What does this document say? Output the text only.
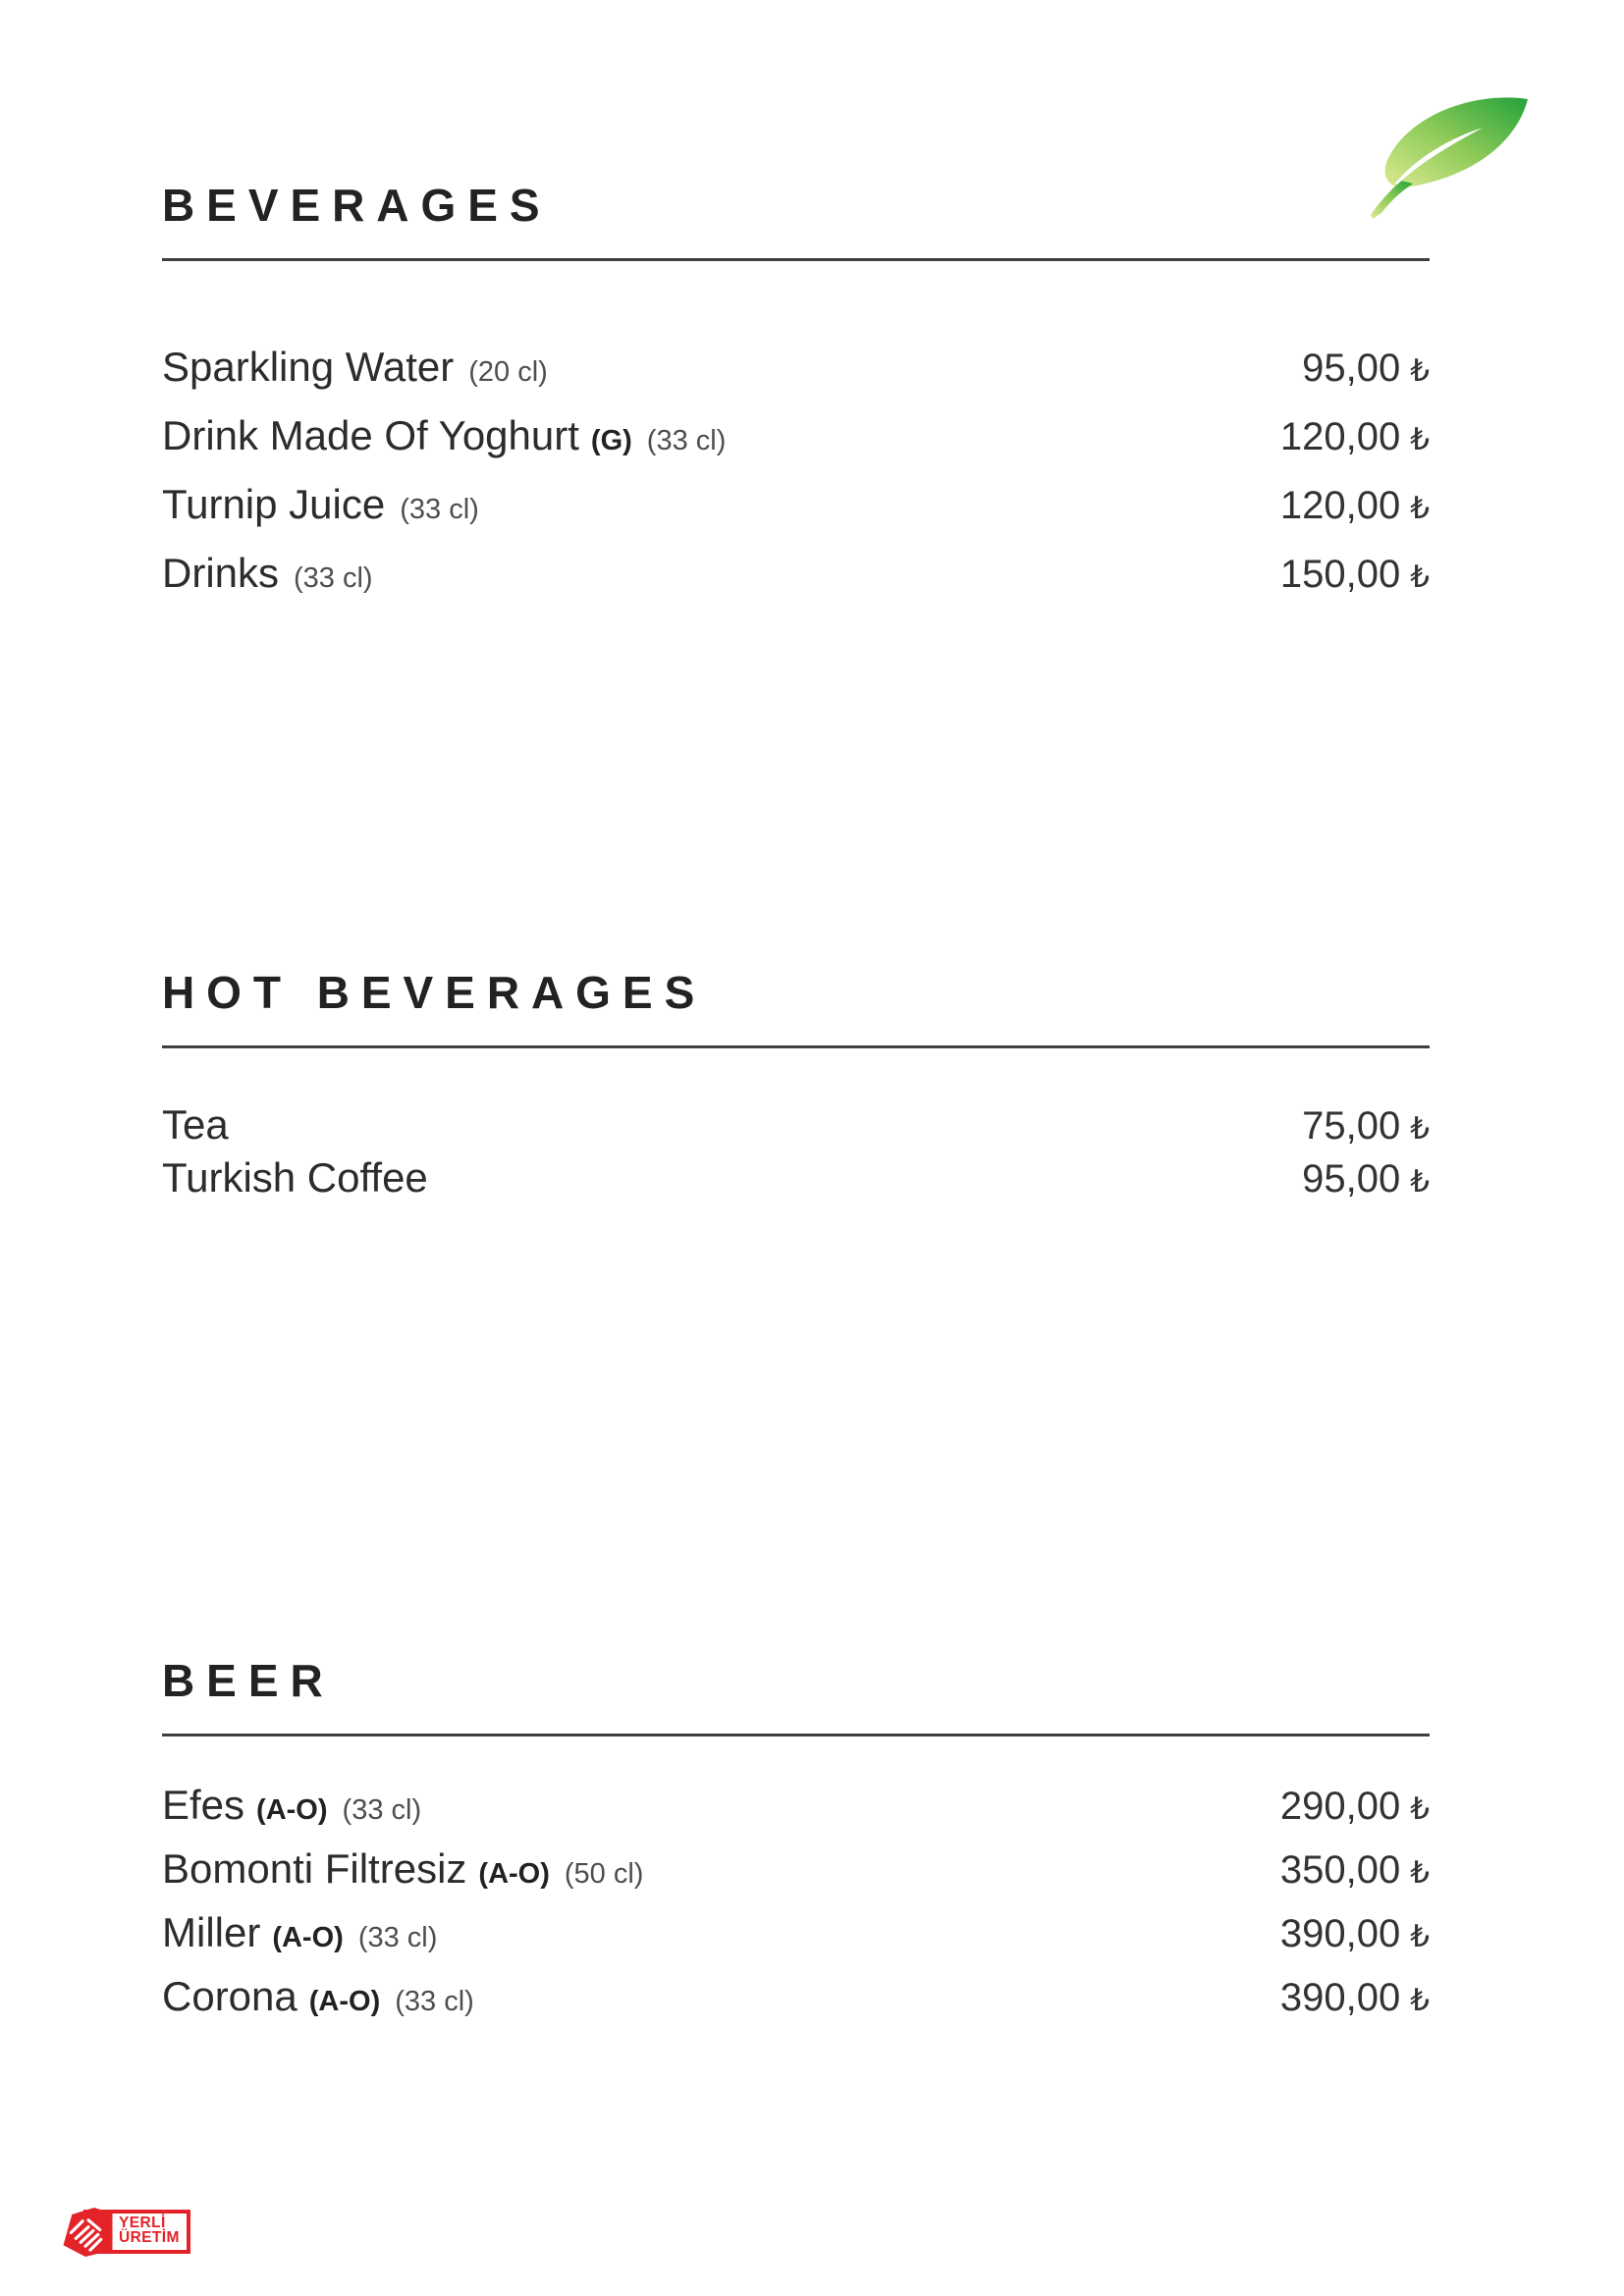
BEVERAGES
Sparkling Water (20 cl)	95,00 ₺
Drink Made Of Yoghurt (G) (33 cl)	120,00 ₺
Turnip Juice (33 cl)	120,00 ₺
Drinks (33 cl)	150,00 ₺
HOT BEVERAGES
Tea	75,00 ₺
Turkish Coffee	95,00 ₺
BEER
Efes (A-O) (33 cl)	290,00 ₺
Bomonti Filtresiz (A-O) (50 cl)	350,00 ₺
Miller (A-O) (33 cl)	390,00 ₺
Corona (A-O) (33 cl)	390,00 ₺
YERLİ
ÜRETİM
